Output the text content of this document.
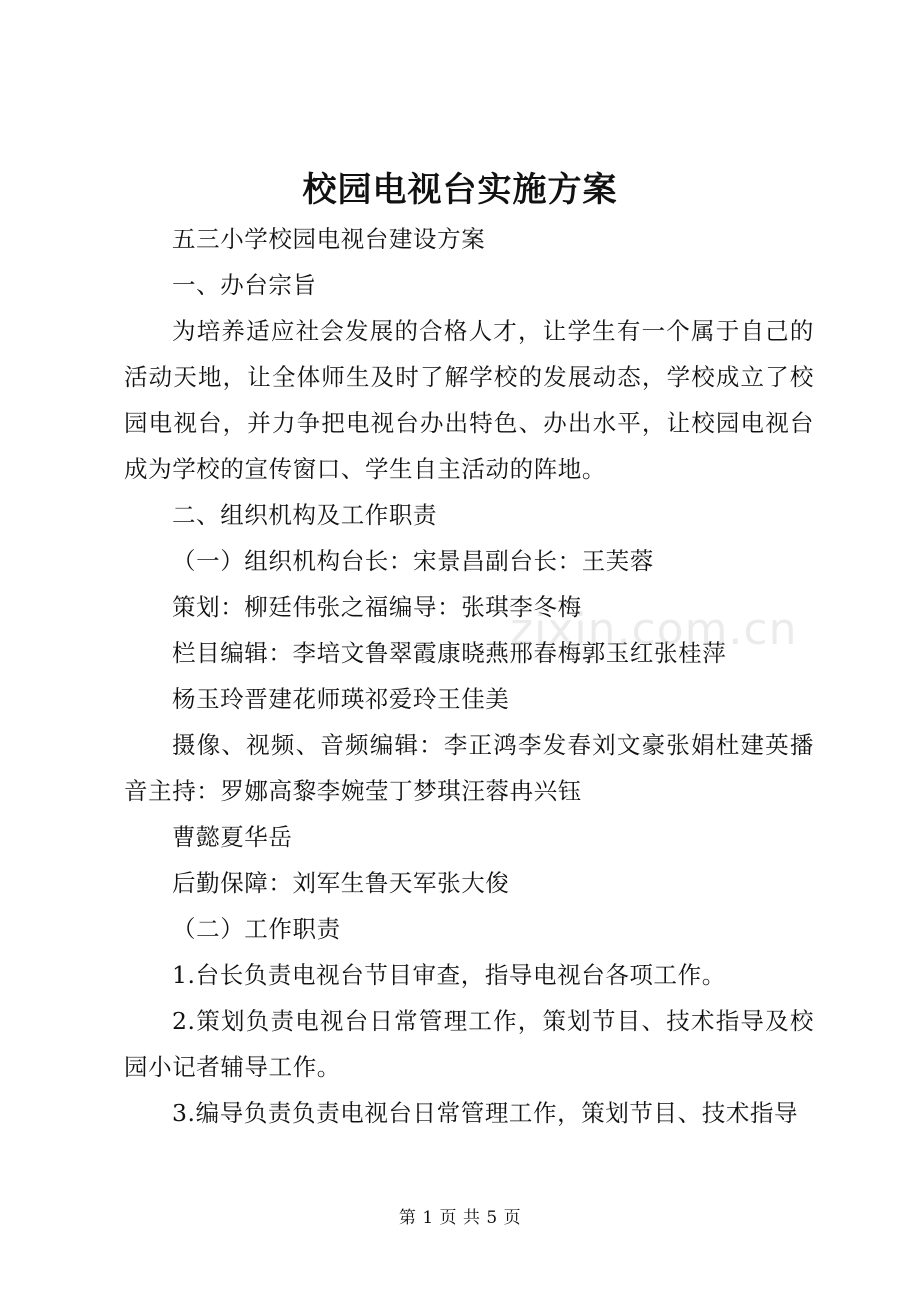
校园电视台实施方案
五三小学校园电视台建设方案
一、办台宗旨
为培养适应社会发展的合格人才，让学生有一个属于自己的活动天地，让全体师生及时了解学校的发展动态，学校成立了校园电视台，并力争把电视台办出特色、办出水平，让校园电视台成为学校的宣传窗口、学生自主活动的阵地。
二、组织机构及工作职责
（一）组织机构台长：宋景昌副台长：王芙蓉
策划：柳廷伟张之福编导：张琪李冬梅
栏目编辑：李培文鲁翠霞康晓燕邢春梅郭玉红张桂萍
杨玉玲晋建花师瑛祁爱玲王佳美
摄像、视频、音频编辑：李正鸿李发春刘文豪张娟杜建英播音主持：罗娜高黎李婉莹丁梦琪汪蓉冉兴钰
曹懿夏华岳
后勤保障：刘军生鲁天军张大俊
（二）工作职责
1.台长负责电视台节目审查，指导电视台各项工作。
2.策划负责电视台日常管理工作，策划节目、技术指导及校园小记者辅导工作。
3.编导负责负责电视台日常管理工作，策划节目、技术指导
zixin.com.cn
第 1 页 共 5 页
